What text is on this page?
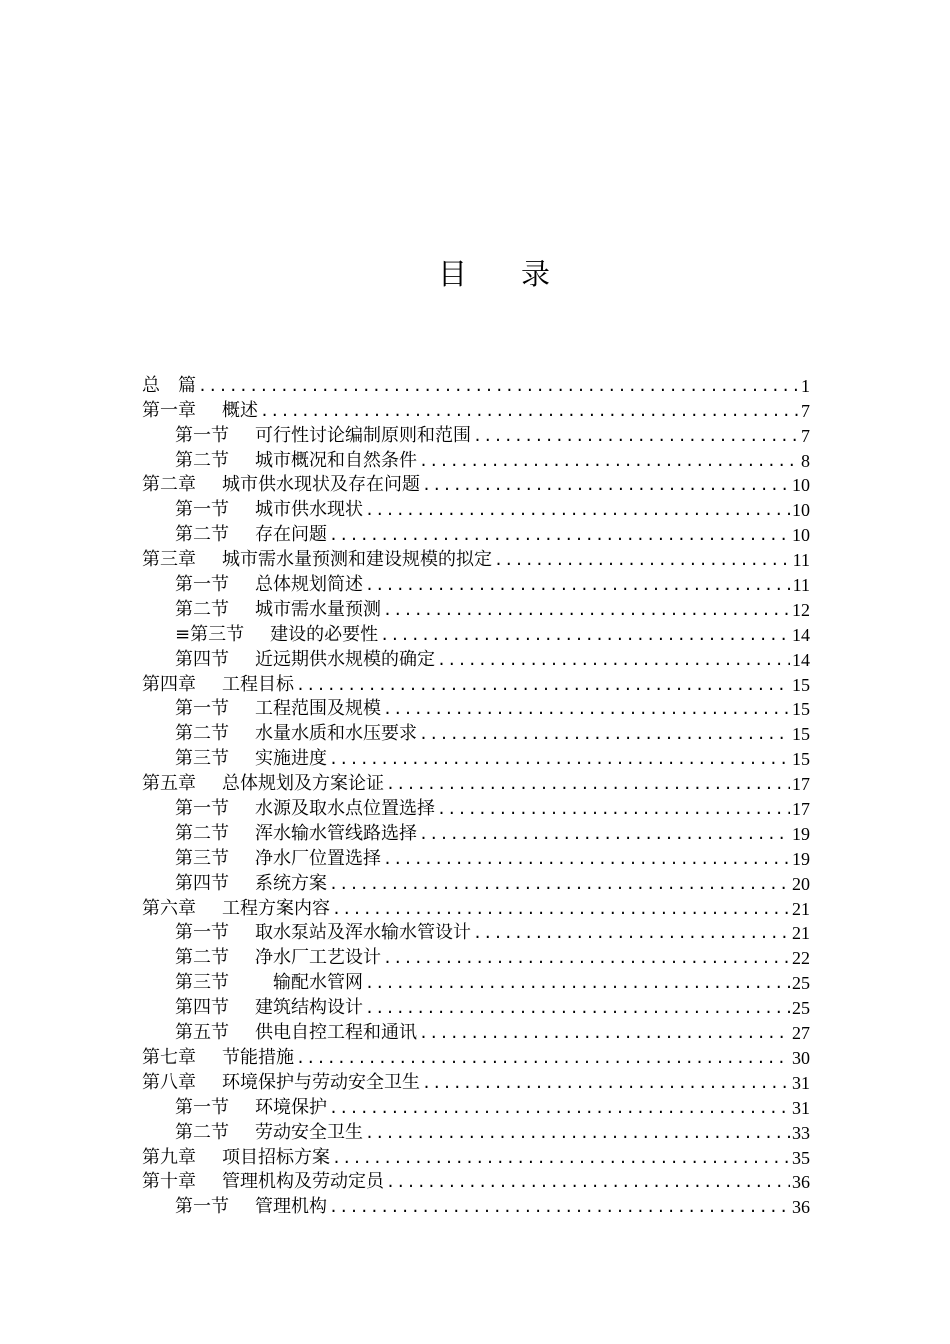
目 录
总　篇 .....	1
第一章 概述 .....	7
第一节 可行性讨论编制原则和范围 .....	7
第二节 城市概况和自然条件 .....	8
第二章 城市供水现状及存在问题 .....	10
第一节 城市供水现状 .....	10
第二节 存在问题 .....	10
第三章 城市需水量预测和建设规模的拟定 .....	11
第一节 总体规划简述 .....	11
第二节 城市需水量预测 .....	12
≡第三节 建设的必要性 .....	14
第四节 近远期供水规模的确定 .....	14
第四章 工程目标 .....	15
第一节 工程范围及规模 .....	15
第二节 水量水质和水压要求 .....	15
第三节 实施进度 .....	15
第五章 总体规划及方案论证 .....	17
第一节 水源及取水点位置选择 .....	17
第二节 浑水输水管线路选择 .....	19
第三节 净水厂位置选择 .....	19
第四节 系统方案 .....	20
第六章 工程方案内容 .....	21
第一节 取水泵站及浑水输水管设计 .....	21
第二节 净水厂工艺设计 .....	22
第三节　输配水管网 .....	25
第四节 建筑结构设计 .....	25
第五节 供电自控工程和通讯 .....	27
第七章 节能措施 .....	30
第八章 环境保护与劳动安全卫生 .....	31
第一节 环境保护 .....	31
第二节 劳动安全卫生 .....	33
第九章 项目招标方案 .....	35
第十章 管理机构及劳动定员 .....	36
第一节 管理机构 .....	36
